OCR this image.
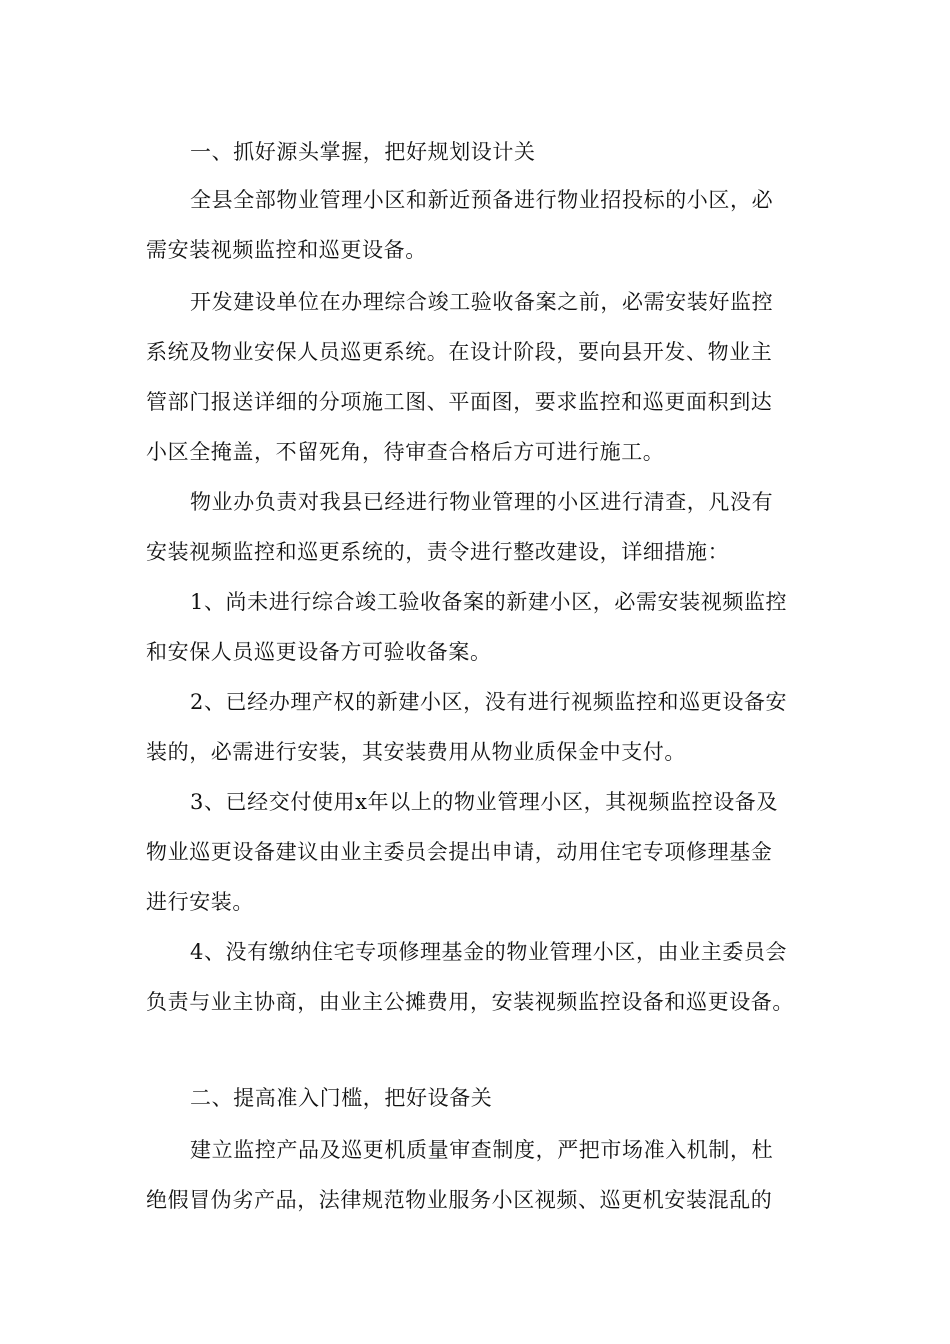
一、抓好源头掌握，把好规划设计关
全县全部物业管理小区和新近预备进行物业招投标的小区，必
需安装视频监控和巡更设备。
开发建设单位在办理综合竣工验收备案之前，必需安装好监控
系统及物业安保人员巡更系统。在设计阶段，要向县开发、物业主
管部门报送详细的分项施工图、平面图，要求监控和巡更面积到达
小区全掩盖，不留死角，待审查合格后方可进行施工。
物业办负责对我县已经进行物业管理的小区进行清查，凡没有
安装视频监控和巡更系统的，责令进行整改建设，详细措施：
1、尚未进行综合竣工验收备案的新建小区，必需安装视频监控
和安保人员巡更设备方可验收备案。
2、已经办理产权的新建小区，没有进行视频监控和巡更设备安
装的，必需进行安装，其安装费用从物业质保金中支付。
3、已经交付使用x年以上的物业管理小区，其视频监控设备及
物业巡更设备建议由业主委员会提出申请，动用住宅专项修理基金
进行安装。
4、没有缴纳住宅专项修理基金的物业管理小区，由业主委员会
负责与业主协商，由业主公摊费用，安装视频监控设备和巡更设备。
二、提高准入门槛，把好设备关
建立监控产品及巡更机质量审查制度，严把市场准入机制，杜
绝假冒伪劣产品，法律规范物业服务小区视频、巡更机安装混乱的
